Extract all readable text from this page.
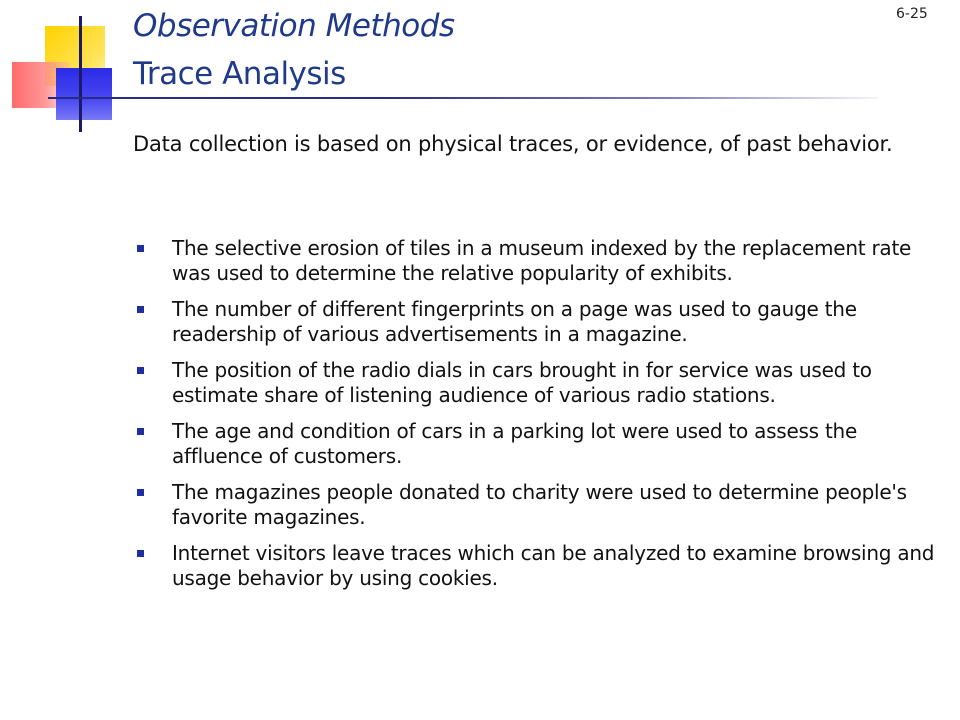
Observation Methods
Trace Analysis
6-25
Data collection is based on physical traces, or evidence, of past behavior.
The selective erosion of tiles in a museum indexed by the replacement rate was used to determine the relative popularity of exhibits.
The number of different fingerprints on a page was used to gauge the readership of various advertisements in a magazine.
The position of the radio dials in cars brought in for service was used to estimate share of listening audience of various radio stations.
The age and condition of cars in a parking lot were used to assess the affluence of customers.
The magazines people donated to charity were used to determine people's favorite magazines.
Internet visitors leave traces which can be analyzed to examine browsing and usage behavior by using cookies.
